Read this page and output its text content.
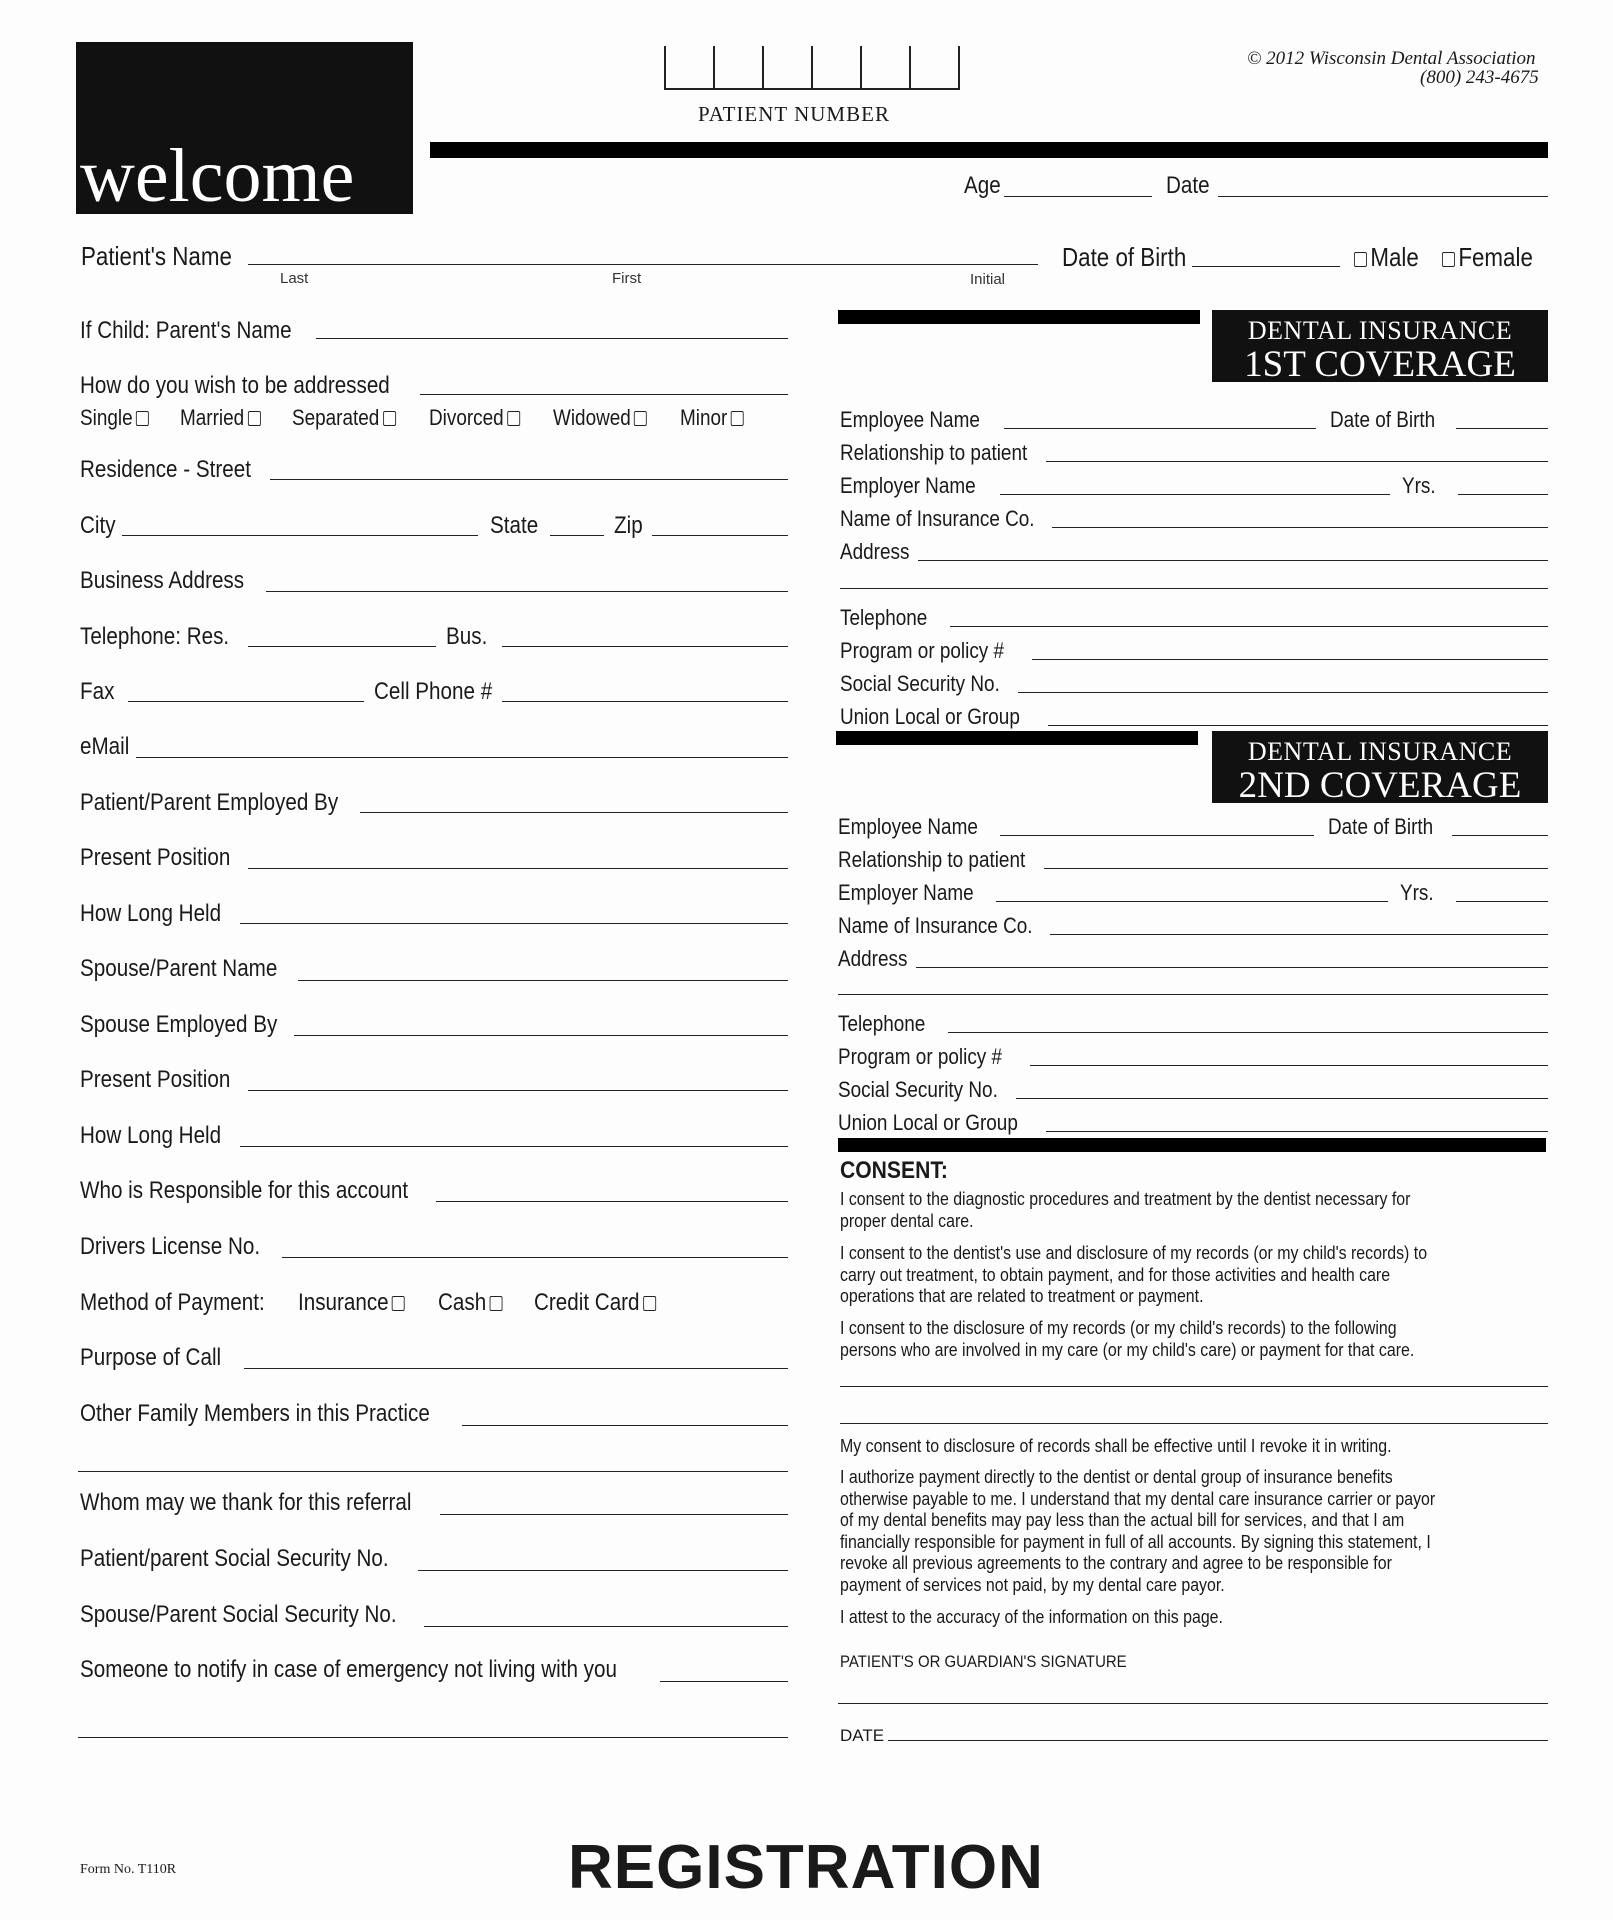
welcome
PATIENT NUMBER
© 2012 Wisconsin Dental Association
(800) 243-4675
Age	Date
Patient's Name
Last	First	Initial
Date of Birth	Male	Female
If Child: Parent's Name
How do you wish to be addressed
Single	Married	Separated	Divorced	Widowed	Minor
Residence - Street
City	State	Zip
Business Address
Telephone: Res.	Bus.
Fax	Cell Phone #
eMail
Patient/Parent Employed By
Present Position
How Long Held
Spouse/Parent Name
Spouse Employed By
Present Position
How Long Held
Who is Responsible for this account
Drivers License No.
Method of Payment: Insurance	Cash	Credit Card
Purpose of Call
Other Family Members in this Practice
Whom may we thank for this referral
Patient/parent Social Security No.
Spouse/Parent Social Security No.
Someone to notify in case of emergency not living with you
DENTAL INSURANCE
1ST COVERAGE
Employee Name	Date of Birth
Relationship to patient
Employer Name	Yrs.
Name of Insurance Co.
Address
Telephone
Program or policy #
Social Security No.
Union Local or Group
DENTAL INSURANCE
2ND COVERAGE
Employee Name	Date of Birth
Relationship to patient
Employer Name	Yrs.
Name of Insurance Co.
Address
Telephone
Program or policy #
Social Security No.
Union Local or Group
CONSENT:

I consent to the diagnostic procedures and treatment by the dentist necessary for proper dental care.

I consent to the dentist's use and disclosure of my records (or my child's records) to carry out treatment, to obtain payment, and for those activities and health care operations that are related to treatment or payment.

I consent to the disclosure of my records (or my child's records) to the following persons who are involved in my care (or my child's care) or payment for that care.

My consent to disclosure of records shall be effective until I revoke it in writing.

I authorize payment directly to the dentist or dental group of insurance benefits otherwise payable to me. I understand that my dental care insurance carrier or payor of my dental benefits may pay less than the actual bill for services, and that I am financially responsible for payment in full of all accounts. By signing this statement, I revoke all previous agreements to the contrary and agree to be responsible for payment of services not paid, by my dental care payor.

I attest to the accuracy of the information on this page.

PATIENT'S OR GUARDIAN'S SIGNATURE
DATE
Form No. T110R	REGISTRATION
